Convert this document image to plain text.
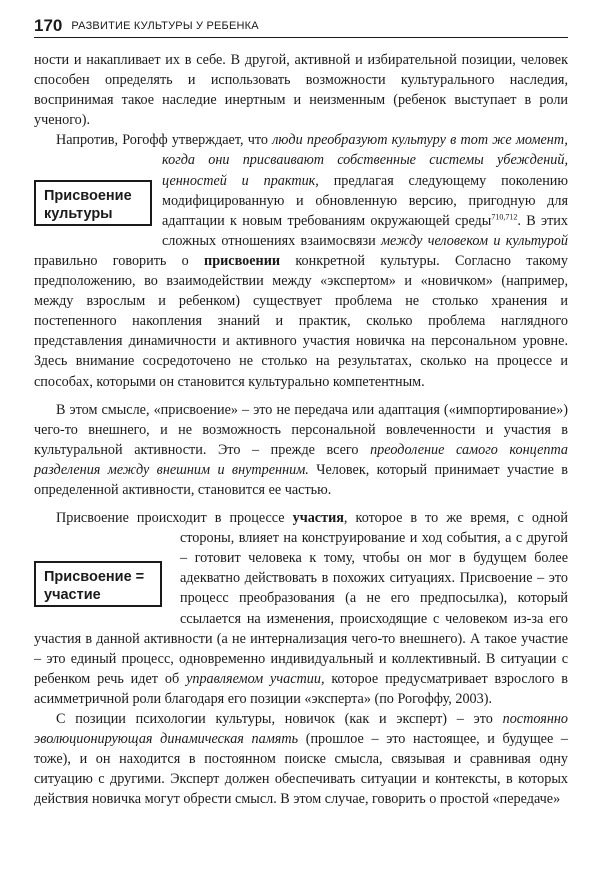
170 РАЗВИТИЕ КУЛЬТУРЫ У РЕБЕНКА
Присвоение
культуры
Присвоение =
участие

ности и накапливает их в себе. В другой, активной и избирательной позиции, человек способен определять и использовать возможности культурального наследия, воспринимая такое наследие инертным и неизменным (ребенок выступает в роли ученого).

Напротив, Рогофф утверждает, что люди преобразуют культуру в тот же момент, когда они присваивают собственные системы убеждений, ценностей и практик, предлагая следующему поколению модифицированную и обновленную версию, пригодную для адаптации к новым требованиям окружающей среды$^{710,712}$. В этих сложных отношениях взаимосвязи между человеком и культурой правильно говорить о присвоении конкретной культуры. Согласно такому предположению, во взаимодействии между «экспертом» и «новичком» (например, между взрослым и ребенком) существует проблема не столько хранения и постепенного накопления знаний и практик, сколько проблема наглядного представления динамичности и активного участия новичка на персональном уровне. Здесь внимание сосредоточено не столько на результатах, сколько на процессе и способах, которыми он становится культурально компетентным.

В этом смысле, «присвоение» – это не передача или адаптация («импортирование») чего-то внешнего, и не возможность персональной вовлеченности и участия в культуральной активности. Это – прежде всего преодоление самого концепта разделения между внешним и внутренним. Человек, который принимает участие в определенной активности, становится ее частью.

Присвоение происходит в процессе участия, которое в то же время, с одной стороны, влияет на конструирование и ход события, а с другой – готовит человека к тому, чтобы он мог в будущем более адекватно действовать в похожих ситуациях. Присвоение – это процесс преобразования (а не его предпосылка), который ссылается на изменения, происходящие с человеком из-за его участия в данной активности (а не интернализация чего-то внешнего). А такое участие – это единый процесс, одновременно индивидуальный и коллективный. В ситуации с ребенком речь идет об управляемом участии, которое предусматривает взрослого в асимметричной роли благодаря его позиции «эксперта» (по Рогоффу, 2003).

С позиции психологии культуры, новичок (как и эксперт) – это постоянно эволюционирующая динамическая память (прошлое – это настоящее, и будущее – тоже), и он находится в постоянном поиске смысла, связывая и сравнивая одну ситуацию с другими. Эксперт должен обеспечивать ситуации и контексты, в которых действия новичка могут обрести смысл. В этом случае, говорить о простой «передаче»
